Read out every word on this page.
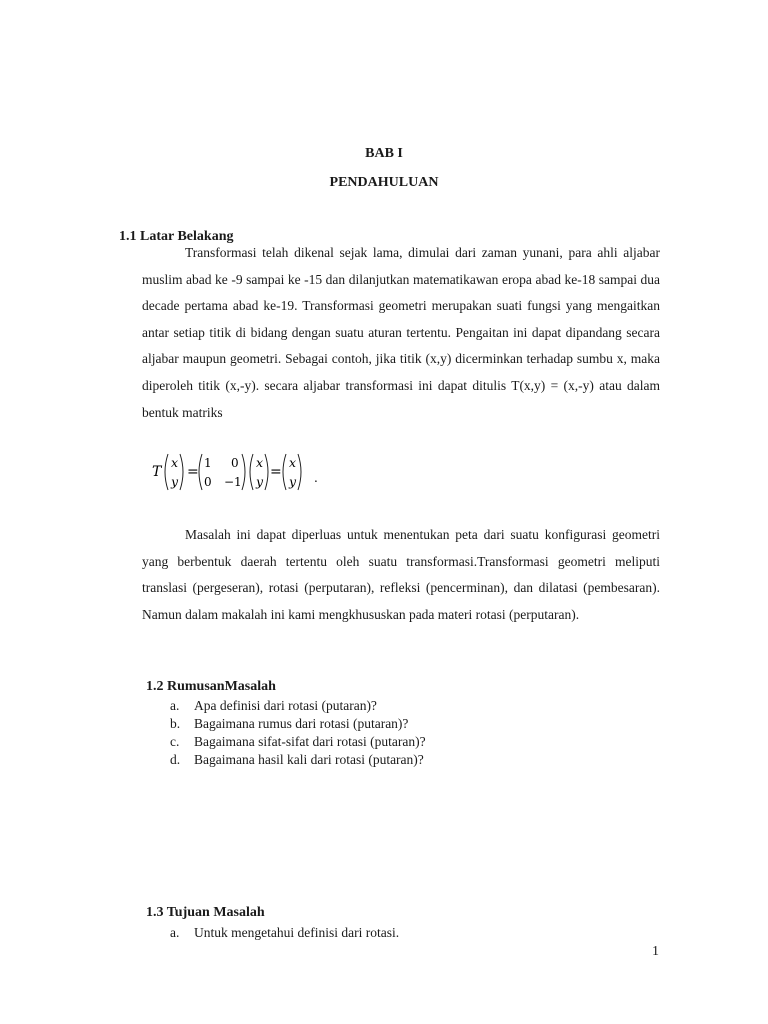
BAB I
PENDAHULUAN
1.1 Latar Belakang

Transformasi telah dikenal sejak lama, dimulai dari zaman yunani, para ahli aljabar muslim abad ke -9 sampai ke -15 dan dilanjutkan matematikawan eropa abad ke-18 sampai dua decade pertama abad ke-19. Transformasi geometri merupakan suati fungsi yang mengaitkan antar setiap titik di bidang dengan suatu aturan tertentu. Pengaitan ini dapat dipandang secara aljabar maupun geometri. Sebagai contoh, jika titik (x,y) dicerminkan terhadap sumbu x, maka diperoleh titik (x,-y). secara aljabar transformasi ini dapat ditulis T(x,y) = (x,-y) atau dalam bentuk matriks

T
x
y
=
1 0
0 −1
x
y
=
x
y .

Masalah ini dapat diperluas untuk menentukan peta dari suatu konfigurasi geometri yang berbentuk daerah tertentu oleh suatu transformasi.Transformasi geometri meliputi translasi (pergeseran), rotasi (perputaran), refleksi (pencerminan), dan dilatasi (pembesaran). Namun dalam makalah ini kami mengkhususkan pada materi rotasi (perputaran).

1.2 RumusanMasalah
a.	Apa definisi dari rotasi (putaran)?
b.	Bagaimana rumus dari rotasi (putaran)?
c.	Bagaimana sifat-sifat dari rotasi (putaran)?
d.	Bagaimana hasil kali dari rotasi (putaran)?
1.3 Tujuan Masalah
a.	Untuk mengetahui definisi dari rotasi.
1
